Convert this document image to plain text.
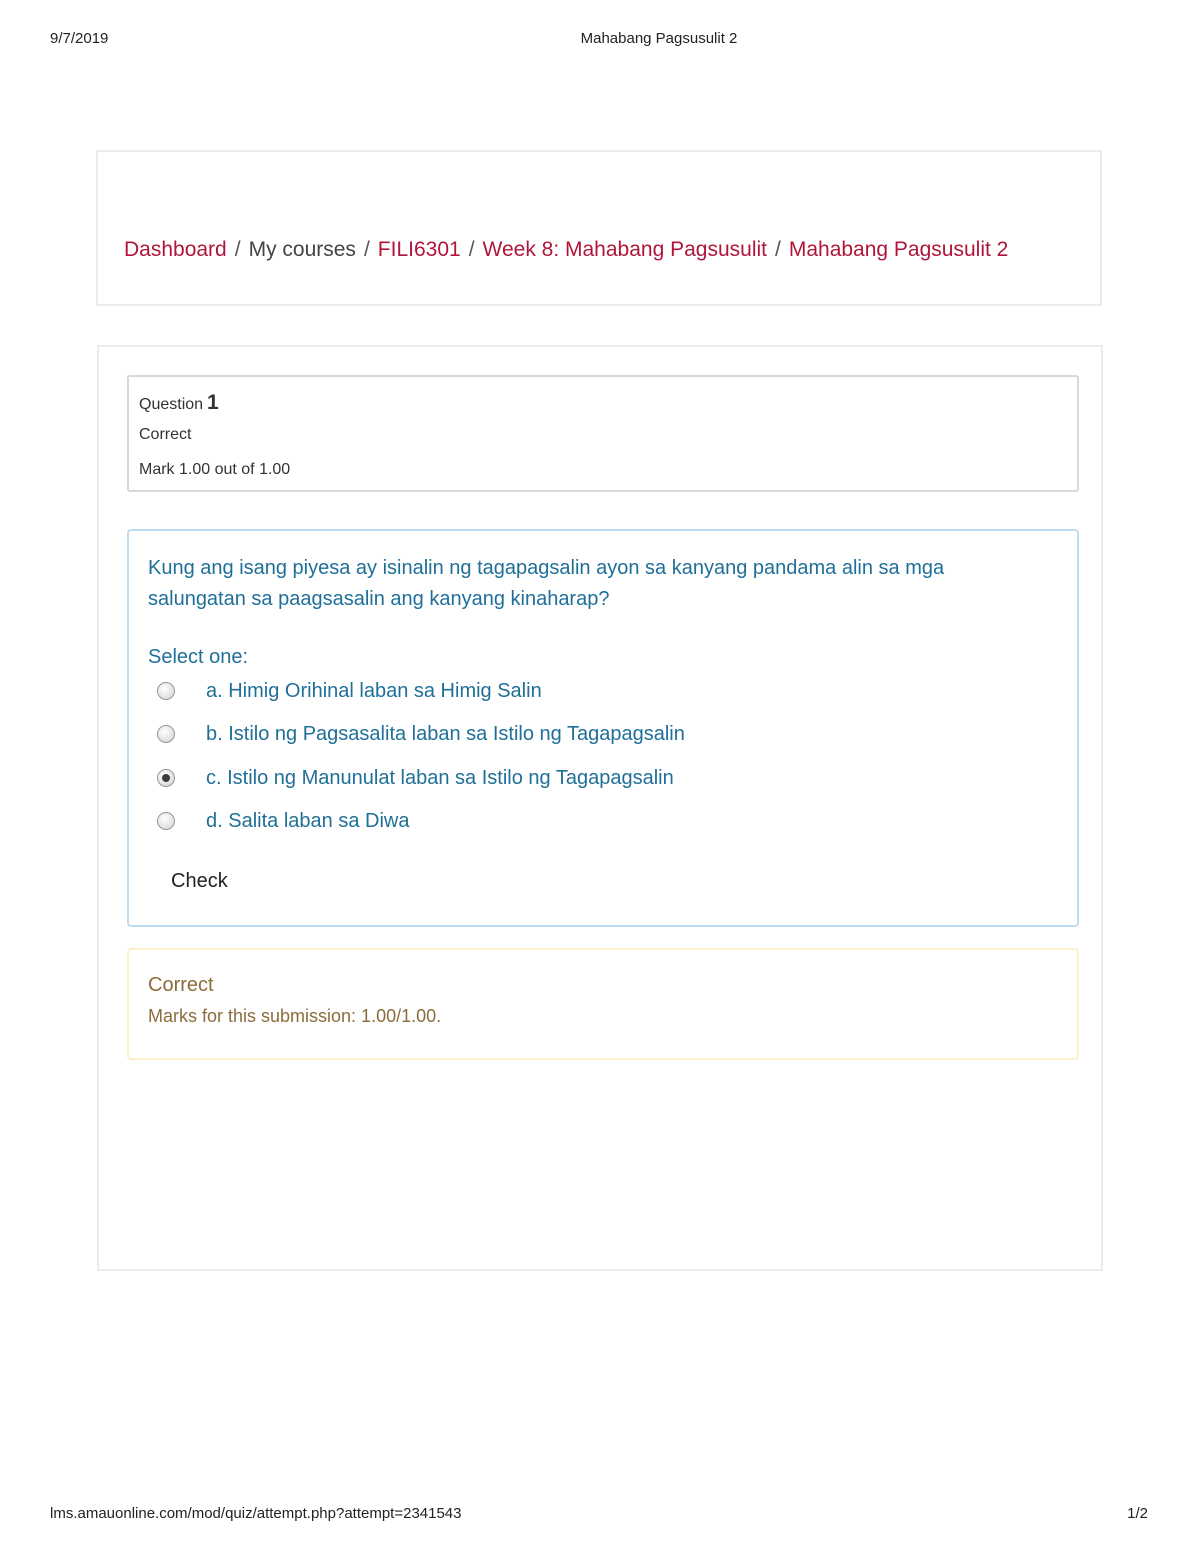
9/7/2019	Mahabang Pagsusulit 2
Dashboard / My courses / FILI6301 / Week 8: Mahabang Pagsusulit / Mahabang Pagsusulit 2
Question 1
Correct
Mark 1.00 out of 1.00
Kung ang isang piyesa ay isinalin ng tagapagsalin ayon sa kanyang pandama alin sa mga salungatan sa paagsasalin ang kanyang kinaharap?
Select one:
a. Himig Orihinal laban sa Himig Salin
b. Istilo ng Pagsasalita laban sa Istilo ng Tagapagsalin
c. Istilo ng Manunulat laban sa Istilo ng Tagapagsalin
d. Salita laban sa Diwa
Check
Correct
Marks for this submission: 1.00/1.00.
lms.amauonline.com/mod/quiz/attempt.php?attempt=2341543	1/2
